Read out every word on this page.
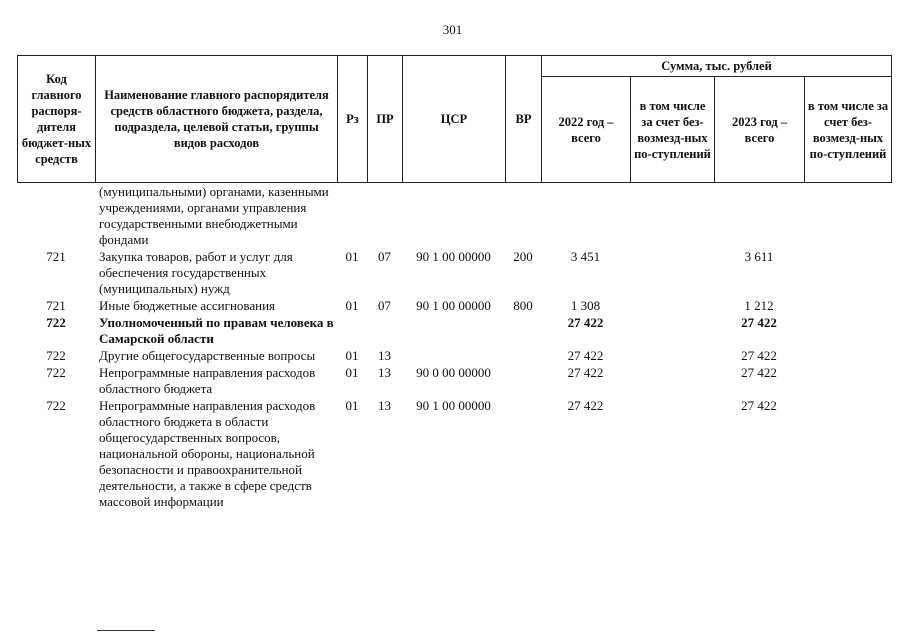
301
Код главного распоря-дителя бюджет-ных средств	Наименование главного распорядителя средств областного бюджета, раздела, подраздела, целевой статьи, группы видов расходов	Рз	ПР	ЦСР	ВР	Сумма, тыс. рублей			
						2022 год – всего	в том числе за счет без-возмезд-ных по-ступлений	2023 год – всего	в том числе за счет без-возмезд-ных по-ступлений
	(муниципальными) органами, казенными учреждениями, органами управления государственными внебюджетными фондами								
721	Закупка товаров, работ и услуг для обеспечения государственных (муниципальных) нужд	01	07	90 1 00 00000	200	3 451		3 611	
721	Иные бюджетные ассигнования	01	07	90 1 00 00000	800	1 308		1 212	
722	Уполномоченный по правам человека в Самарской области					27 422		27 422	
722	Другие общегосударственные вопросы	01	13			27 422		27 422	
722	Непрограммные направления расходов областного бюджета	01	13	90 0 00 00000		27 422		27 422	
722	Непрограммные направления расходов областного бюджета в области общегосударственных вопросов, национальной обороны, национальной безопасности и правоохранительной деятельности, а также в сфере средств массовой информации	01	13	90 1 00 00000		27 422		27 422	
